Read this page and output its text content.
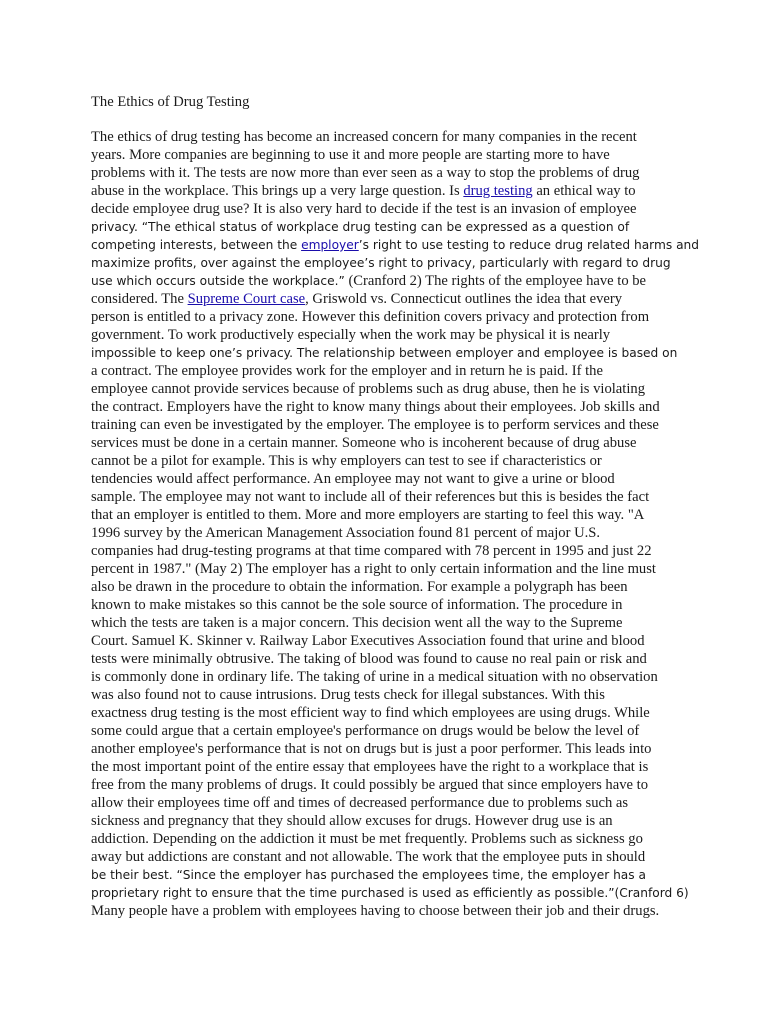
The Ethics of Drug Testing
The ethics of drug testing has become an increased concern for many companies in the recent
years. More companies are beginning to use it and more people are starting more to have
problems with it. The tests are now more than ever seen as a way to stop the problems of drug
abuse in the workplace. This brings up a very large question. Is drug testing an ethical way to
decide employee drug use? It is also very hard to decide if the test is an invasion of employee
privacy. “The ethical status of workplace drug testing can be expressed as a question of
competing interests, between the employer’s right to use testing to reduce drug related harms and
maximize profits, over against the employee’s right to privacy, particularly with regard to drug
use which occurs outside the workplace.” (Cranford 2) The rights of the employee have to be
considered. The Supreme Court case, Griswold vs. Connecticut outlines the idea that every
person is entitled to a privacy zone. However this definition covers privacy and protection from
government. To work productively especially when the work may be physical it is nearly
impossible to keep one’s privacy. The relationship between employer and employee is based on
a contract. The employee provides work for the employer and in return he is paid. If the
employee cannot provide services because of problems such as drug abuse, then he is violating
the contract. Employers have the right to know many things about their employees. Job skills and
training can even be investigated by the employer. The employee is to perform services and these
services must be done in a certain manner. Someone who is incoherent because of drug abuse
cannot be a pilot for example. This is why employers can test to see if characteristics or
tendencies would affect performance. An employee may not want to give a urine or blood
sample. The employee may not want to include all of their references but this is besides the fact
that an employer is entitled to them. More and more employers are starting to feel this way. "A
1996 survey by the American Management Association found 81 percent of major U.S.
companies had drug-testing programs at that time compared with 78 percent in 1995 and just 22
percent in 1987." (May 2) The employer has a right to only certain information and the line must
also be drawn in the procedure to obtain the information. For example a polygraph has been
known to make mistakes so this cannot be the sole source of information. The procedure in
which the tests are taken is a major concern. This decision went all the way to the Supreme
Court. Samuel K. Skinner v. Railway Labor Executives Association found that urine and blood
tests were minimally obtrusive. The taking of blood was found to cause no real pain or risk and
is commonly done in ordinary life. The taking of urine in a medical situation with no observation
was also found not to cause intrusions. Drug tests check for illegal substances. With this
exactness drug testing is the most efficient way to find which employees are using drugs. While
some could argue that a certain employee's performance on drugs would be below the level of
another employee's performance that is not on drugs but is just a poor performer. This leads into
the most important point of the entire essay that employees have the right to a workplace that is
free from the many problems of drugs. It could possibly be argued that since employers have to
allow their employees time off and times of decreased performance due to problems such as
sickness and pregnancy that they should allow excuses for drugs. However drug use is an
addiction. Depending on the addiction it must be met frequently. Problems such as sickness go
away but addictions are constant and not allowable. The work that the employee puts in should
be their best. “Since the employer has purchased the employees time, the employer has a
proprietary right to ensure that the time purchased is used as efficiently as possible.”(Cranford 6)
Many people have a problem with employees having to choose between their job and their drugs.
